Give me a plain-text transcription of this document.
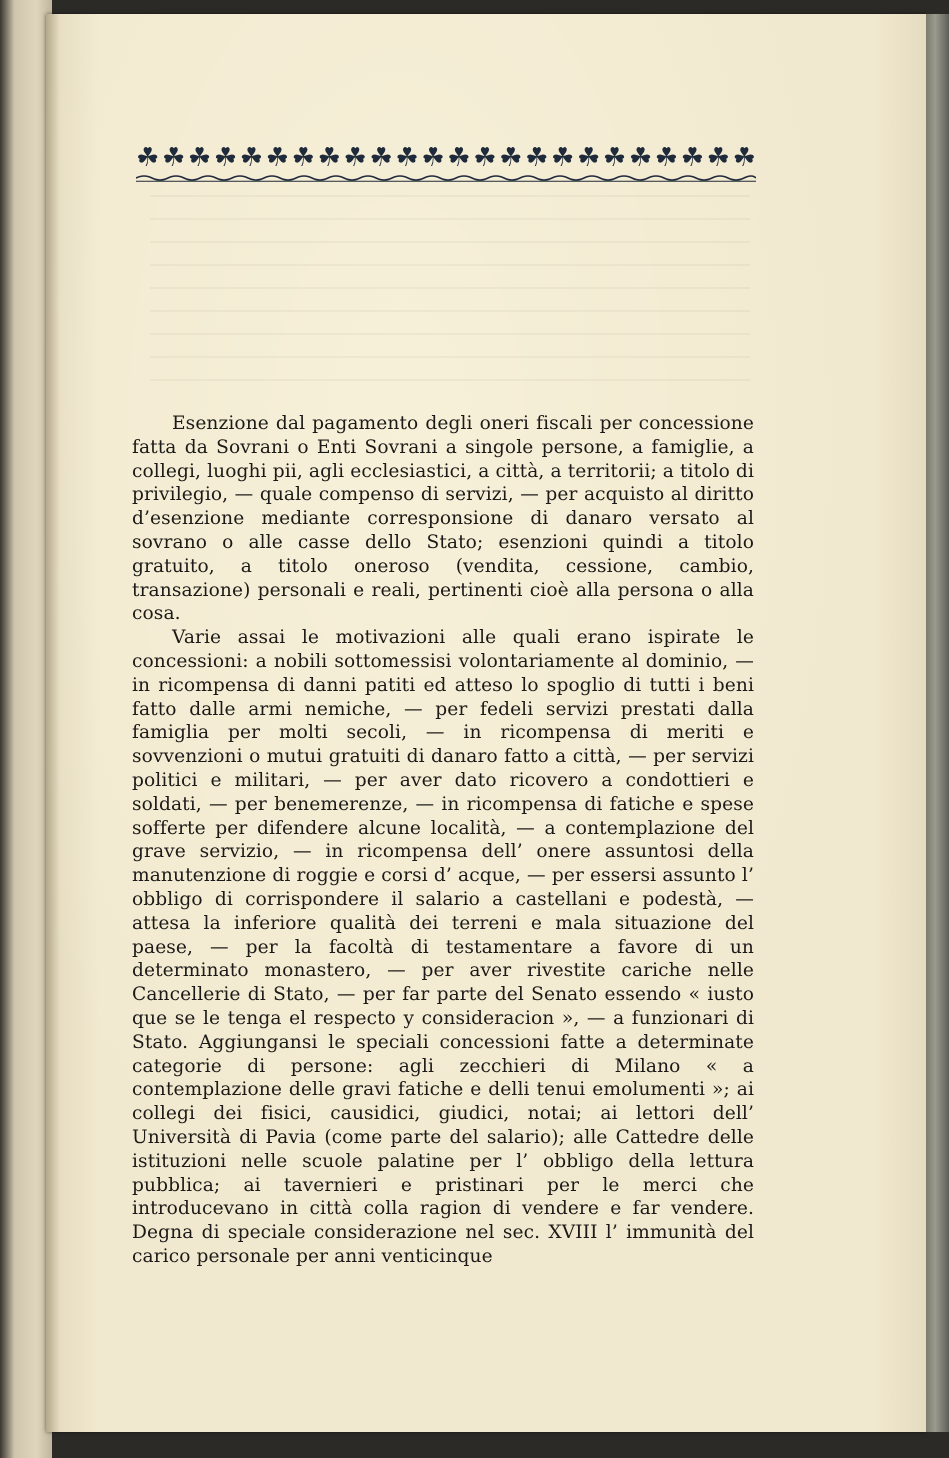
☘ ☘ ☘ ☘ ☘ ☘ ☘ ☘ ☘ ☘ ☘ ☘ ☘ ☘ ☘ ☘ ☘ ☘ ☘ ☘ ☘ ☘ ☘ ☘

Esenzione dal pagamento degli oneri fiscali per concessione fatta da Sovrani o Enti Sovrani a singole persone, a famiglie, a collegi, luoghi pii, agli ecclesiastici, a città, a territorii; a titolo di privilegio, — quale compenso di servizi, — per acquisto al diritto d’esenzione mediante corresponsione di danaro versato al sovrano o alle casse dello Stato; esenzioni quindi a titolo gratuito, a titolo oneroso (vendita, cessione, cambio, transazione) personali e reali, pertinenti cioè alla persona o alla cosa.

Varie assai le motivazioni alle quali erano ispirate le concessioni: a nobili sottomessisi volontariamente al dominio, — in ricompensa di danni patiti ed atteso lo spoglio di tutti i beni fatto dalle armi nemiche, — per fedeli servizi prestati dalla famiglia per molti secoli, — in ricompensa di meriti e sovvenzioni o mutui gratuiti di danaro fatto a città, — per servizi politici e militari, — per aver dato ricovero a condottieri e soldati, — per benemerenze, — in ricompensa di fatiche e spese sofferte per difendere alcune località, — a contemplazione del grave servizio, — in ricompensa dell’ onere assuntosi della manutenzione di roggie e corsi d’ acque, — per essersi assunto l’ obbligo di corrispondere il salario a castellani e podestà, — attesa la inferiore qualità dei terreni e mala situazione del paese, — per la facoltà di testamentare a favore di un determinato monastero, — per aver rivestite cariche nelle Cancellerie di Stato, — per far parte del Senato essendo « iusto que se le tenga el respecto y consideracion », — a funzionari di Stato. Aggiungansi le speciali concessioni fatte a determinate categorie di persone: agli zecchieri di Milano « a contemplazione delle gravi fatiche e delli tenui emolumenti »; ai collegi dei fisici, causidici, giudici, notai; ai lettori dell’ Università di Pavia (come parte del salario); alle Cattedre delle istituzioni nelle scuole palatine per l’ obbligo della lettura pubblica; ai tavernieri e pristinari per le merci che introducevano in città colla ragion di vendere e far vendere. Degna di speciale considerazione nel sec. XVIII l’ immunità del carico personale per anni venticinque
